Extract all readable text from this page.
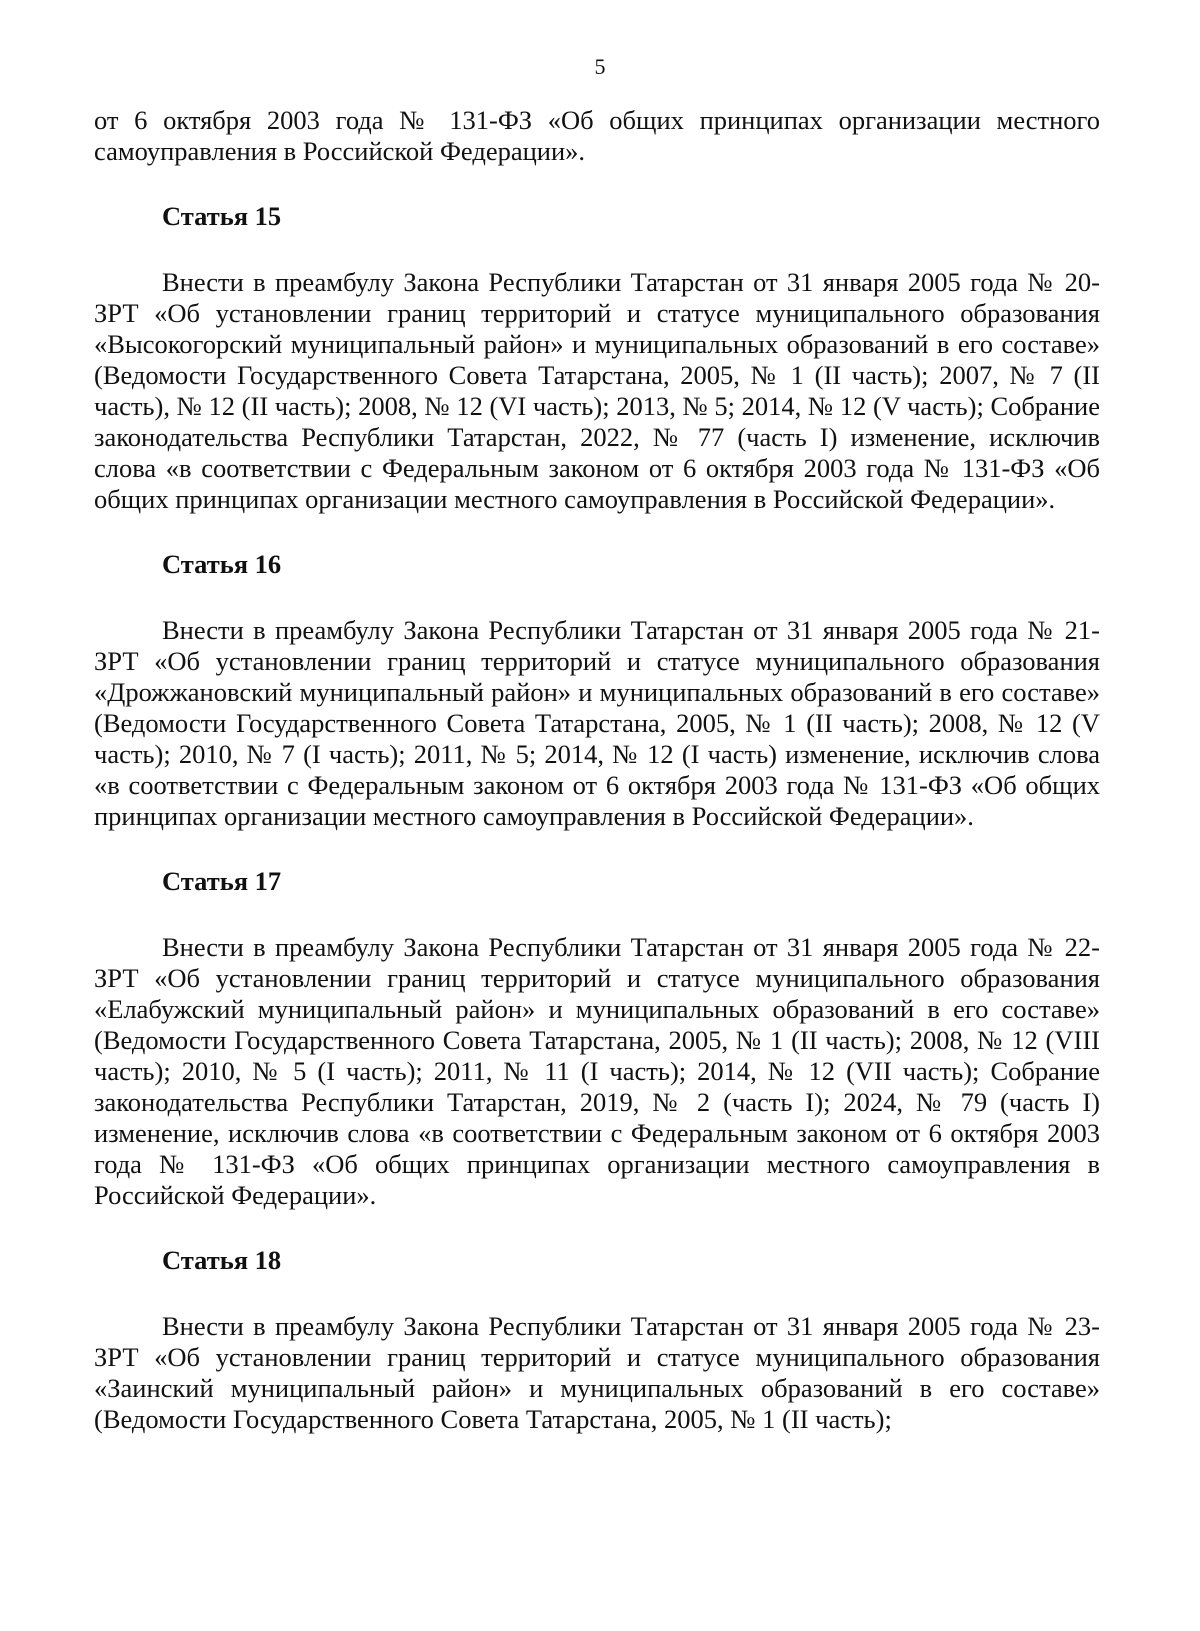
5

от 6 октября 2003 года № 131-ФЗ «Об общих принципах организации местного самоуправления в Российской Федерации».

Статья 15

Внести в преамбулу Закона Республики Татарстан от 31 января 2005 года № 20-ЗРТ «Об установлении границ территорий и статусе муниципального образования «Высокогорский муниципальный район» и муниципальных образований в его составе» (Ведомости Государственного Совета Татарстана, 2005, № 1 (II часть); 2007, № 7 (II часть), № 12 (II часть); 2008, № 12 (VI часть); 2013, № 5; 2014, № 12 (V часть); Собрание законодательства Республики Татарстан, 2022, № 77 (часть I) изменение, исключив слова «в соответствии с Федеральным законом от 6 октября 2003 года № 131-ФЗ «Об общих принципах организации местного самоуправления в Российской Федерации».

Статья 16

Внести в преамбулу Закона Республики Татарстан от 31 января 2005 года № 21-ЗРТ «Об установлении границ территорий и статусе муниципального образования «Дрожжановский муниципальный район» и муниципальных образований в его составе» (Ведомости Государственного Совета Татарстана, 2005, № 1 (II часть); 2008, № 12 (V часть); 2010, № 7 (I часть); 2011, № 5; 2014, № 12 (I часть) изменение, исключив слова «в соответствии с Федеральным законом от 6 октября 2003 года № 131-ФЗ «Об общих принципах организации местного самоуправления в Российской Федерации».

Статья 17

Внести в преамбулу Закона Республики Татарстан от 31 января 2005 года № 22-ЗРТ «Об установлении границ территорий и статусе муниципального образования «Елабужский муниципальный район» и муниципальных образований в его составе» (Ведомости Государственного Совета Татарстана, 2005, № 1 (II часть); 2008, № 12 (VIII часть); 2010, № 5 (I часть); 2011, № 11 (I часть); 2014, № 12 (VII часть); Собрание законодательства Республики Татарстан, 2019, № 2 (часть I); 2024, № 79 (часть I) изменение, исключив слова «в соответствии с Федеральным законом от 6 октября 2003 года № 131-ФЗ «Об общих принципах организации местного самоуправления в Российской Федерации».

Статья 18

Внести в преамбулу Закона Республики Татарстан от 31 января 2005 года № 23-ЗРТ «Об установлении границ территорий и статусе муниципального образования «Заинский муниципальный район» и муниципальных образований в его составе» (Ведомости Государственного Совета Татарстана, 2005, № 1 (II часть);
